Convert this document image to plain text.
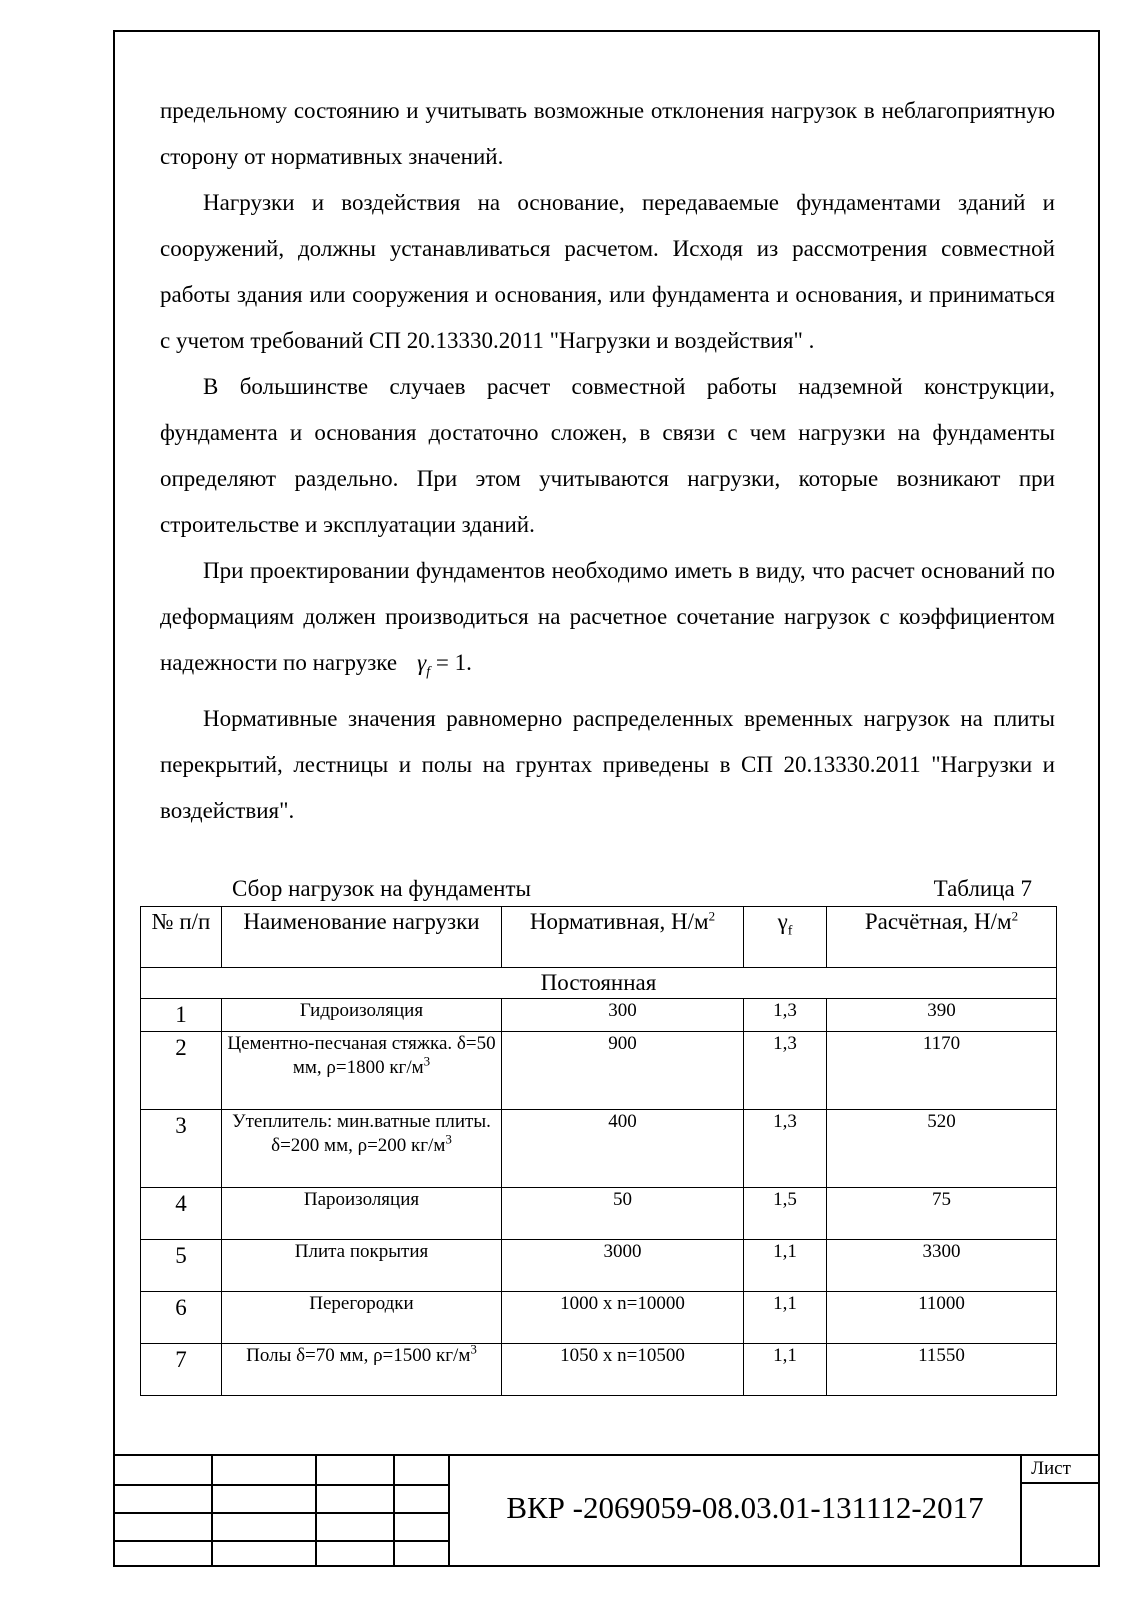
предельному состоянию и учитывать возможные отклонения нагрузок в неблагоприятную сторону от нормативных значений.

Нагрузки и воздействия на основание, передаваемые фундаментами зданий и сооружений, должны устанавливаться расчетом. Исходя из рассмотрения совместной работы здания или сооружения и основания, или фундамента и основания, и приниматься с учетом требований СП 20.13330.2011 "Нагрузки и воздействия" .

В большинстве случаев расчет совместной работы надземной конструкции, фундамента и основания достаточно сложен, в связи с чем нагрузки на фундаменты определяют раздельно. При этом учитываются нагрузки, которые возникают при строительстве и эксплуатации зданий.

При проектировании фундаментов необходимо иметь в виду, что расчет оснований по деформациям должен производиться на расчетное сочетание нагрузок с коэффициентом надежности по нагрузке $\gamma_f = 1$.

Нормативные значения равномерно распределенных временных нагрузок на плиты перекрытий, лестницы и полы на грунтах приведены в СП 20.13330.2011 "Нагрузки и воздействия".

Сбор нагрузок на фундаменты	Таблица 7
№ п/п	Наименование нагрузки	Нормативная, $Н/м^2$	$\gamma_f$	Расчётная, $Н/м^2$
Постоянная				
1	Гидроизоляция	300	1,3	390
2	Цементно-песчаная стяжка. δ=50 мм, ρ=1800 $кг/м^3$	900	1,3	1170
3	Утеплитель: мин.ватные плиты. δ=200 мм, ρ=200 $кг/м^3$	400	1,3	520
4	Пароизоляция	50	1,5	75
5	Плита покрытия	3000	1,1	3300
6	Перегородки	1000 х n=10000	1,1	11000
7	Полы δ=70 мм, ρ=1500 $кг/м^3$	1050 х n=10500	1,1	11550
ВКР -2069059-08.03.01-131112-2017
Лист
